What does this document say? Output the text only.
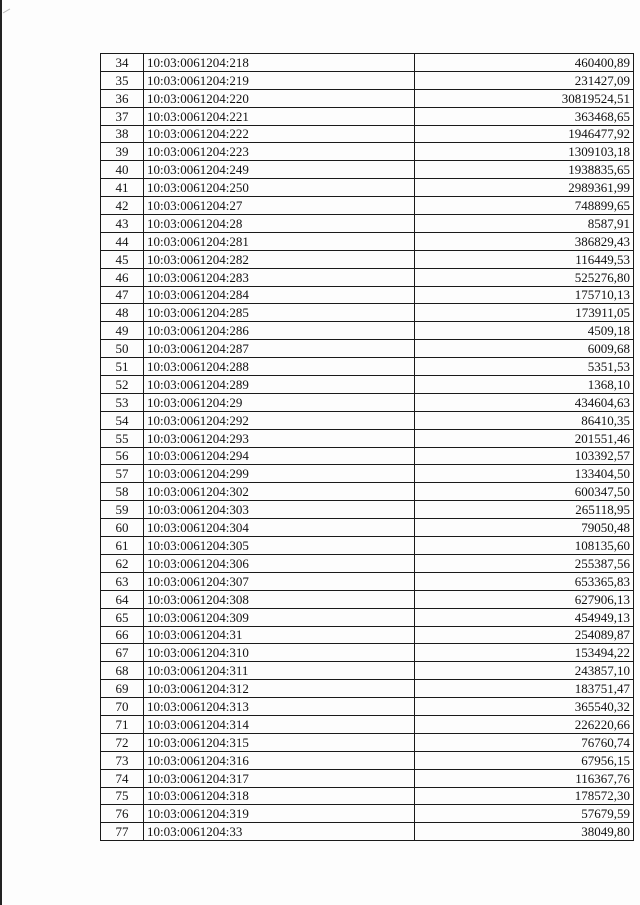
34	10:03:0061204:218	460400,89
35	10:03:0061204:219	231427,09
36	10:03:0061204:220	30819524,51
37	10:03:0061204:221	363468,65
38	10:03:0061204:222	1946477,92
39	10:03:0061204:223	1309103,18
40	10:03:0061204:249	1938835,65
41	10:03:0061204:250	2989361,99
42	10:03:0061204:27	748899,65
43	10:03:0061204:28	8587,91
44	10:03:0061204:281	386829,43
45	10:03:0061204:282	116449,53
46	10:03:0061204:283	525276,80
47	10:03:0061204:284	175710,13
48	10:03:0061204:285	173911,05
49	10:03:0061204:286	4509,18
50	10:03:0061204:287	6009,68
51	10:03:0061204:288	5351,53
52	10:03:0061204:289	1368,10
53	10:03:0061204:29	434604,63
54	10:03:0061204:292	86410,35
55	10:03:0061204:293	201551,46
56	10:03:0061204:294	103392,57
57	10:03:0061204:299	133404,50
58	10:03:0061204:302	600347,50
59	10:03:0061204:303	265118,95
60	10:03:0061204:304	79050,48
61	10:03:0061204:305	108135,60
62	10:03:0061204:306	255387,56
63	10:03:0061204:307	653365,83
64	10:03:0061204:308	627906,13
65	10:03:0061204:309	454949,13
66	10:03:0061204:31	254089,87
67	10:03:0061204:310	153494,22
68	10:03:0061204:311	243857,10
69	10:03:0061204:312	183751,47
70	10:03:0061204:313	365540,32
71	10:03:0061204:314	226220,66
72	10:03:0061204:315	76760,74
73	10:03:0061204:316	67956,15
74	10:03:0061204:317	116367,76
75	10:03:0061204:318	178572,30
76	10:03:0061204:319	57679,59
77	10:03:0061204:33	38049,80
